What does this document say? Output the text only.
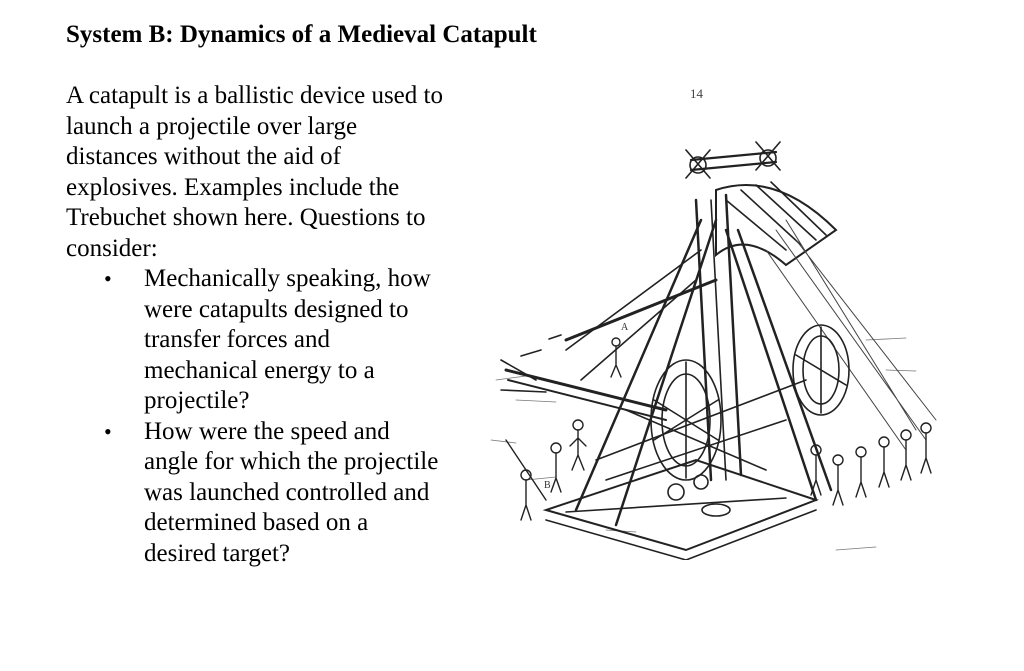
System B: Dynamics of a Medieval Catapult

A catapult is a ballistic device used to launch a projectile over large distances without the aid of explosives. Examples include the Trebuchet shown here. Questions to consider:

• Mechanically speaking, how were catapults designed to transfer forces and mechanical energy to a projectile?
• How were the speed and angle for which the projectile was launched controlled and determined based on a desired target?
14
A
B
